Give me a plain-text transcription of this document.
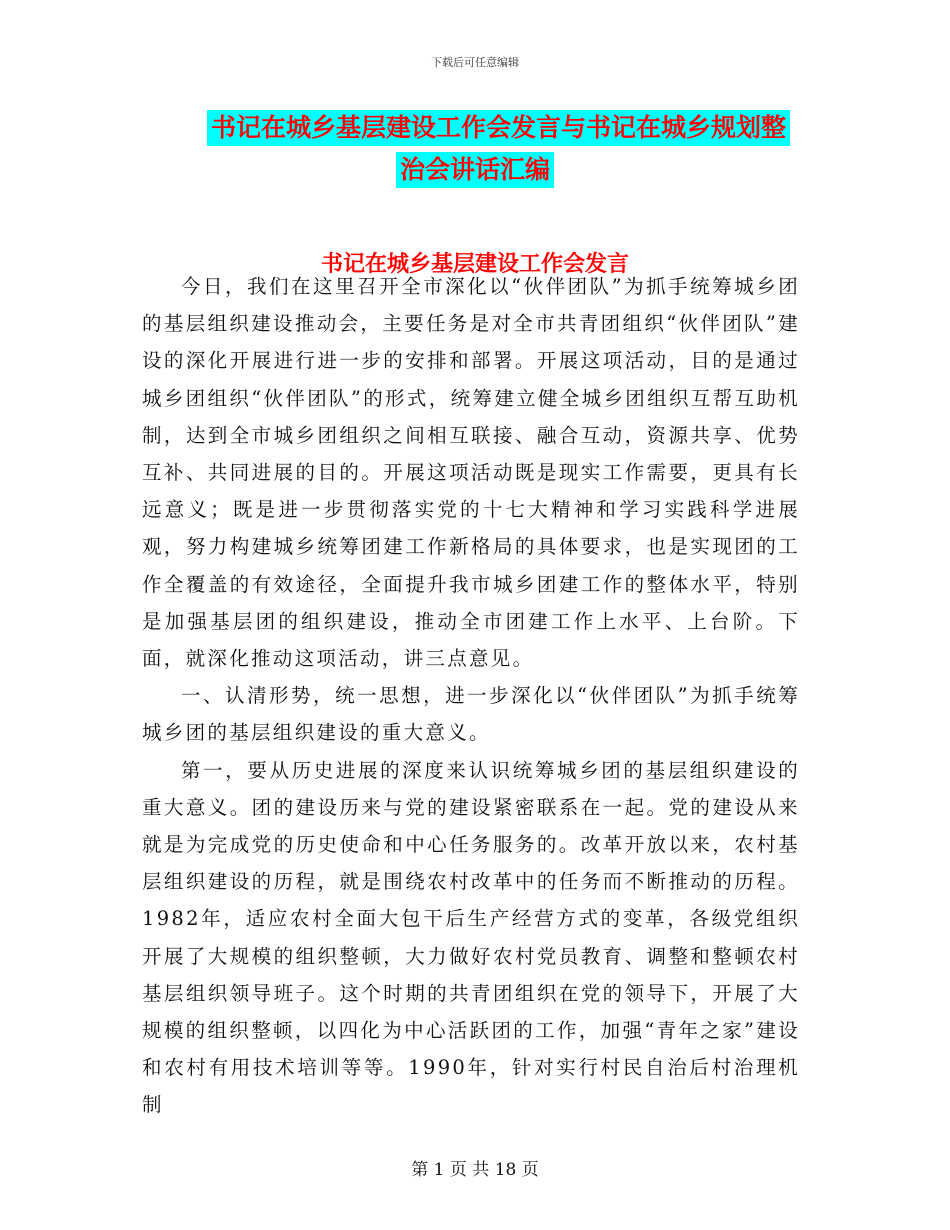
下载后可任意编辑
书记在城乡基层建设工作会发言与书记在城乡规划整
治会讲话汇编
书记在城乡基层建设工作会发言

今日，我们在这里召开全市深化以“伙伴团队”为抓手统筹城乡团的基层组织建设推动会，主要任务是对全市共青团组织“伙伴团队”建设的深化开展进行进一步的安排和部署。开展这项活动，目的是通过城乡团组织“伙伴团队”的形式，统筹建立健全城乡团组织互帮互助机制，达到全市城乡团组织之间相互联接、融合互动，资源共享、优势互补、共同进展的目的。开展这项活动既是现实工作需要，更具有长远意义；既是进一步贯彻落实党的十七大精神和学习实践科学进展观，努力构建城乡统筹团建工作新格局的具体要求，也是实现团的工作全覆盖的有效途径，全面提升我市城乡团建工作的整体水平，特别是加强基层团的组织建设，推动全市团建工作上水平、上台阶。下面，就深化推动这项活动，讲三点意见。

一、认清形势，统一思想，进一步深化以“伙伴团队”为抓手统筹城乡团的基层组织建设的重大意义。

第一，要从历史进展的深度来认识统筹城乡团的基层组织建设的重大意义。团的建设历来与党的建设紧密联系在一起。党的建设从来就是为完成党的历史使命和中心任务服务的。改革开放以来，农村基层组织建设的历程，就是围绕农村改革中的任务而不断推动的历程。1982年，适应农村全面大包干后生产经营方式的变革，各级党组织开展了大规模的组织整顿，大力做好农村党员教育、调整和整顿农村基层组织领导班子。这个时期的共青团组织在党的领导下，开展了大规模的组织整顿，以四化为中心活跃团的工作，加强“青年之家”建设和农村有用技术培训等等。1990年，针对实行村民自治后村治理机制

第 1 页 共 18 页
